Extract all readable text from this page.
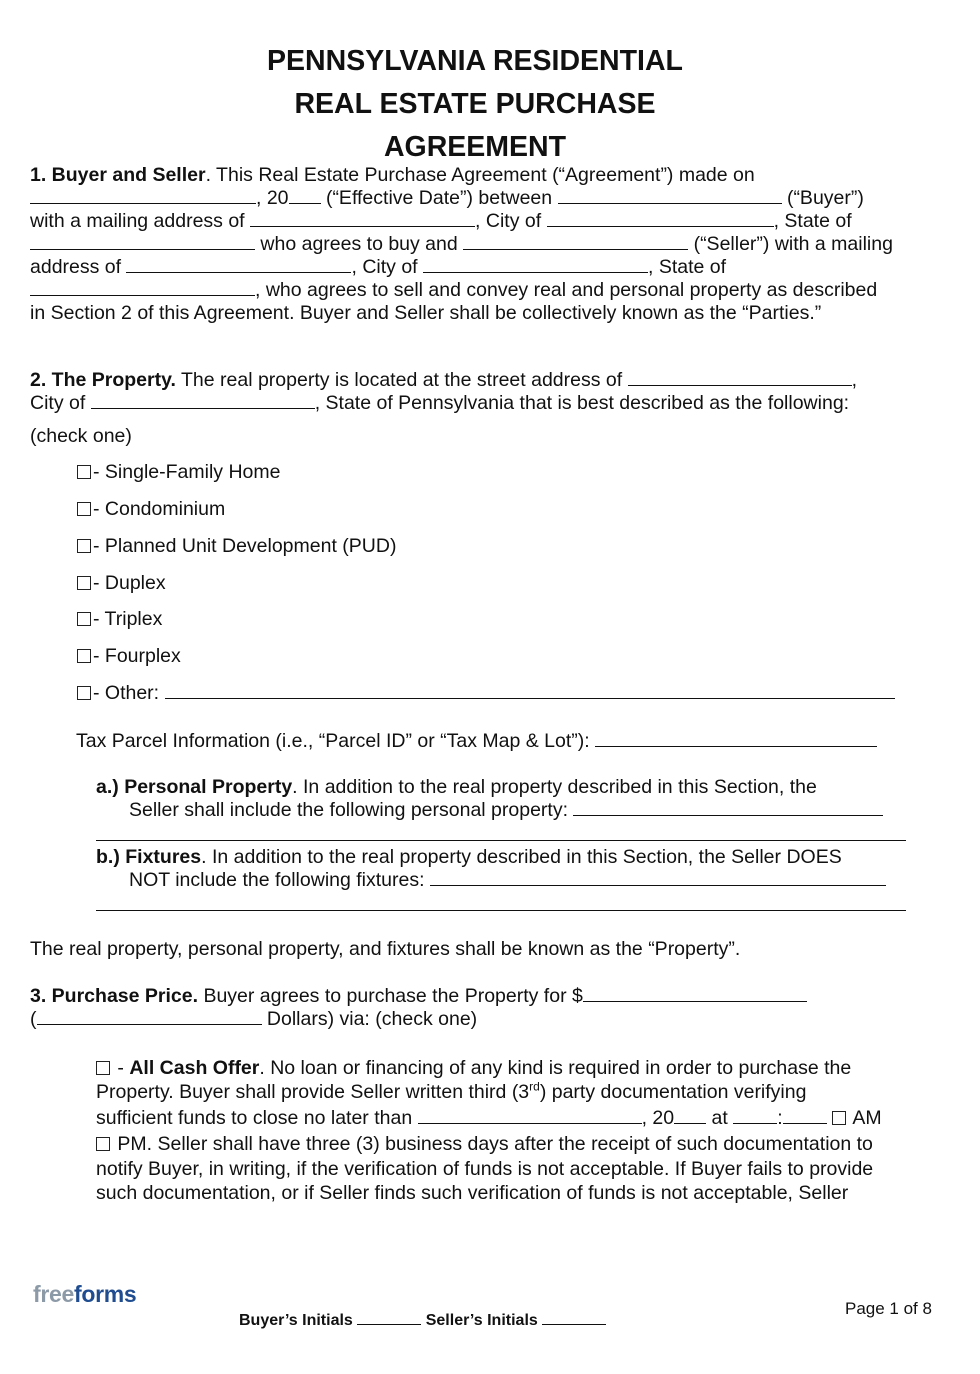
PENNSYLVANIA RESIDENTIAL
REAL ESTATE PURCHASE
AGREEMENT
1. Buyer and Seller. This Real Estate Purchase Agreement (“Agreement”) made on
, 20 (“Effective Date”) between	(“Buyer”)
with a mailing address of	, City of	, State of
who agrees to buy and	(“Seller”) with a mailing
address of	, City of	, State of
, who agrees to sell and convey real and personal property as described
in Section 2 of this Agreement. Buyer and Seller shall be collectively known as the “Parties.”
2. The Property. The real property is located at the street address of	,
City of	, State of Pennsylvania that is best described as the following:
(check one)
- Single-Family Home
- Condominium
- Planned Unit Development (PUD)
- Duplex
- Triplex
- Fourplex
- Other:
Tax Parcel Information (i.e., “Parcel ID” or “Tax Map & Lot”):
a.) Personal Property. In addition to the real property described in this Section, the
Seller shall include the following personal property:
b.) Fixtures. In addition to the real property described in this Section, the Seller DOES
NOT include the following fixtures:
The real property, personal property, and fixtures shall be known as the “Property”.
3. Purchase Price. Buyer agrees to purchase the Property for $
(	Dollars) via: (check one)
- All Cash Offer. No loan or financing of any kind is required in order to purchase the
Property. Buyer shall provide Seller written third (3rd) party documentation verifying
sufficient funds to close no later than	, 20 at	:	AM
PM. Seller shall have three (3) business days after the receipt of such documentation to
notify Buyer, in writing, if the verification of funds is not acceptable. If Buyer fails to provide
such documentation, or if Seller finds such verification of funds is not acceptable, Seller
freeforms
Buyer’s Initials	Seller’s Initials
Page 1 of 8
